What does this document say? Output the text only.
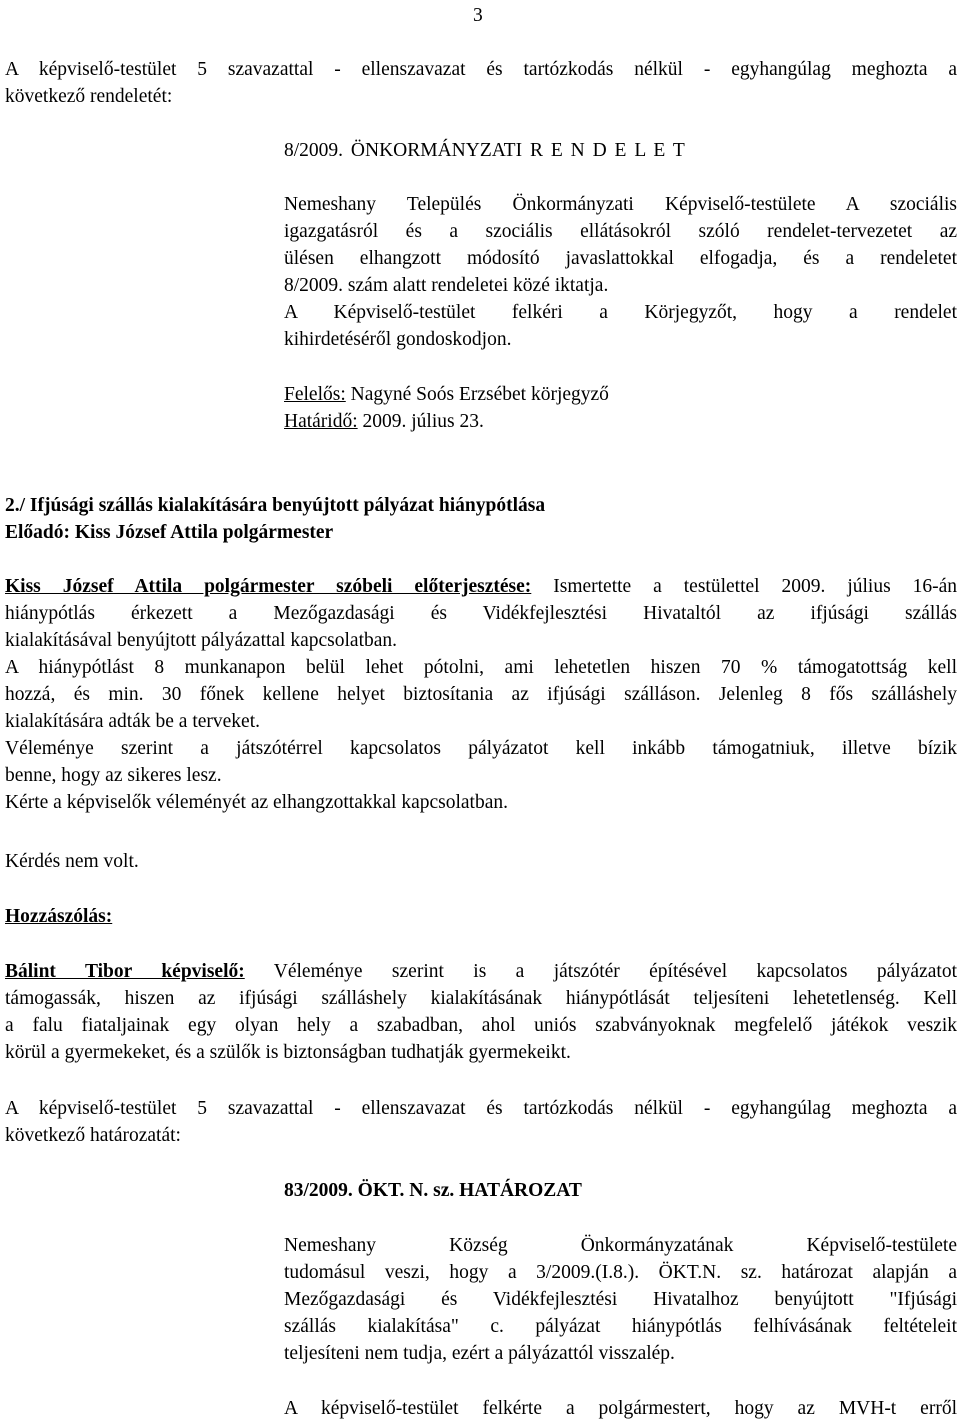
3
A képviselő-testület 5 szavazattal - ellenszavazat és tartózkodás nélkül - egyhangúlag meghozta a
következő rendeletét:
8/2009. ÖNKORMÁNYZATI R E N D E L E T
Nemeshany Település Önkormányzati Képviselő-testülete A szociális
igazgatásról és a szociális ellátásokról szóló rendelet-tervezetet az
ülésen elhangzott módosító javaslattokkal elfogadja, és a rendeletet
8/2009. szám alatt rendeletei közé iktatja.
A Képviselő-testület felkéri a Körjegyzőt, hogy a rendelet
kihirdetéséről gondoskodjon.
Felelős: Nagyné Soós Erzsébet körjegyző
Határidő: 2009. július 23.
2./ Ifjúsági szállás kialakítására benyújtott pályázat hiánypótlása
Előadó: Kiss József Attila polgármester
Kiss József Attila polgármester szóbeli előterjesztése: Ismertette a testülettel 2009. július 16-án
hiánypótlás érkezett a Mezőgazdasági és Vidékfejlesztési Hivataltól az ifjúsági szállás
kialakításával benyújtott pályázattal kapcsolatban.
A hiánypótlást 8 munkanapon belül lehet pótolni, ami lehetetlen hiszen 70 % támogatottság kell
hozzá, és min. 30 főnek kellene helyet biztosítania az ifjúsági szálláson. Jelenleg 8 fős szálláshely
kialakítására adták be a terveket.
Véleménye szerint a játszótérrel kapcsolatos pályázatot kell inkább támogatniuk, illetve bízik
benne, hogy az sikeres lesz.
Kérte a képviselők véleményét az elhangzottakkal kapcsolatban.
Kérdés nem volt.
Hozzászólás:
Bálint Tibor képviselő: Véleménye szerint is a játszótér építésével kapcsolatos pályázatot
támogassák, hiszen az ifjúsági szálláshely kialakításának hiánypótlását teljesíteni lehetetlenség. Kell
a falu fiataljainak egy olyan hely a szabadban, ahol uniós szabványoknak megfelelő játékok veszik
körül a gyermekeket, és a szülők is biztonságban tudhatják gyermekeikt.
A képviselő-testület 5 szavazattal - ellenszavazat és tartózkodás nélkül - egyhangúlag meghozta a
következő határozatát:
83/2009. ÖKT. N. sz. HATÁROZAT
Nemeshany Község Önkormányzatának Képviselő-testülete
tudomásul veszi, hogy a 3/2009.(I.8.). ÖKT.N. sz. határozat alapján a
Mezőgazdasági és Vidékfejlesztési Hivatalhoz benyújtott "Ifjúsági
szállás kialakítása" c. pályázat hiánypótlás felhívásának feltételeit
teljesíteni nem tudja, ezért a pályázattól visszalép.
A képviselő-testület felkérte a polgármestert, hogy az MVH-t erről
